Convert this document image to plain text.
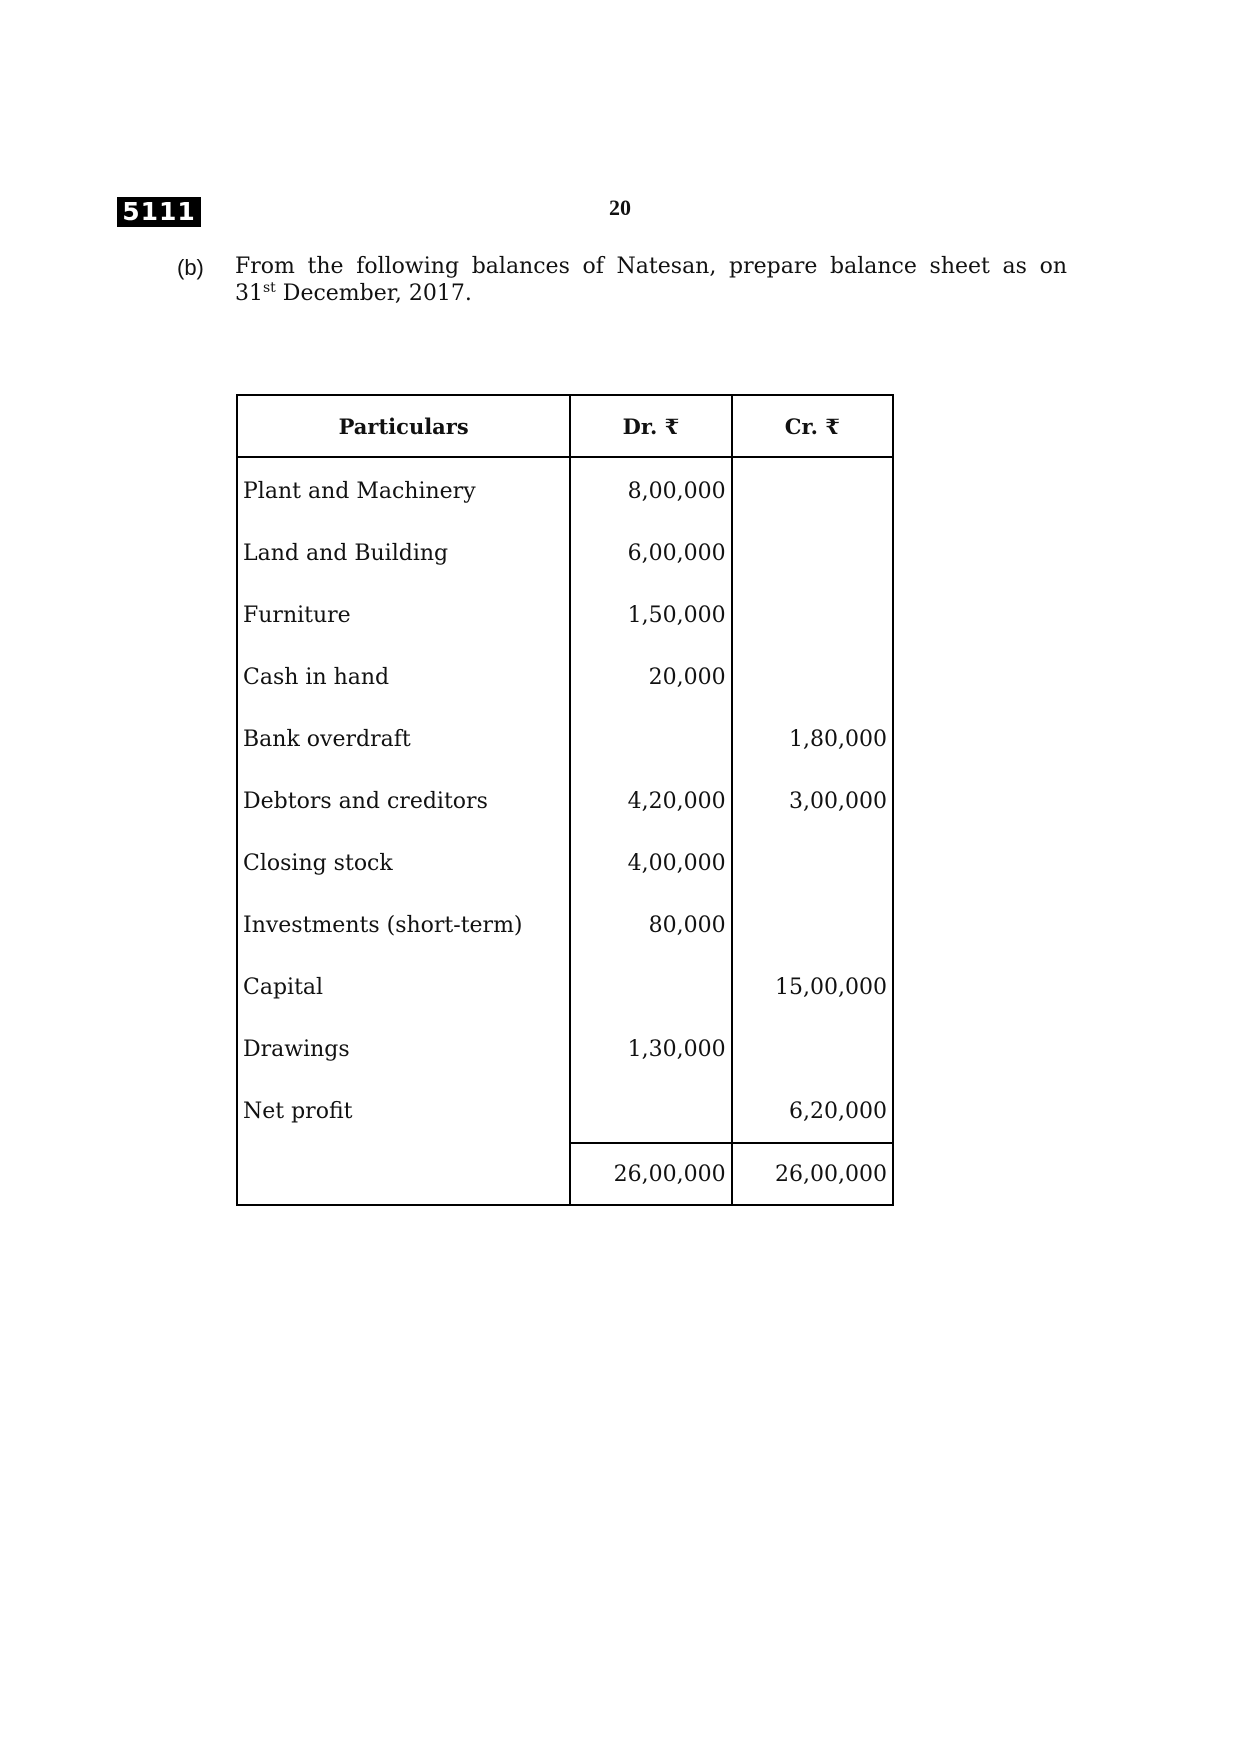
5111	20
(b) From the following balances of Natesan, prepare balance sheet as on
31st December, 2017.
Particulars	Dr. ₹	Cr. ₹
Plant and Machinery	8,00,000	
Land and Building	6,00,000	
Furniture	1,50,000	
Cash in hand	20,000	
Bank overdraft		1,80,000
Debtors and creditors	4,20,000	3,00,000
Closing stock	4,00,000	
Investments (short-term)	80,000	
Capital		15,00,000
Drawings	1,30,000	
Net profit		6,20,000
	26,00,000	26,00,000
